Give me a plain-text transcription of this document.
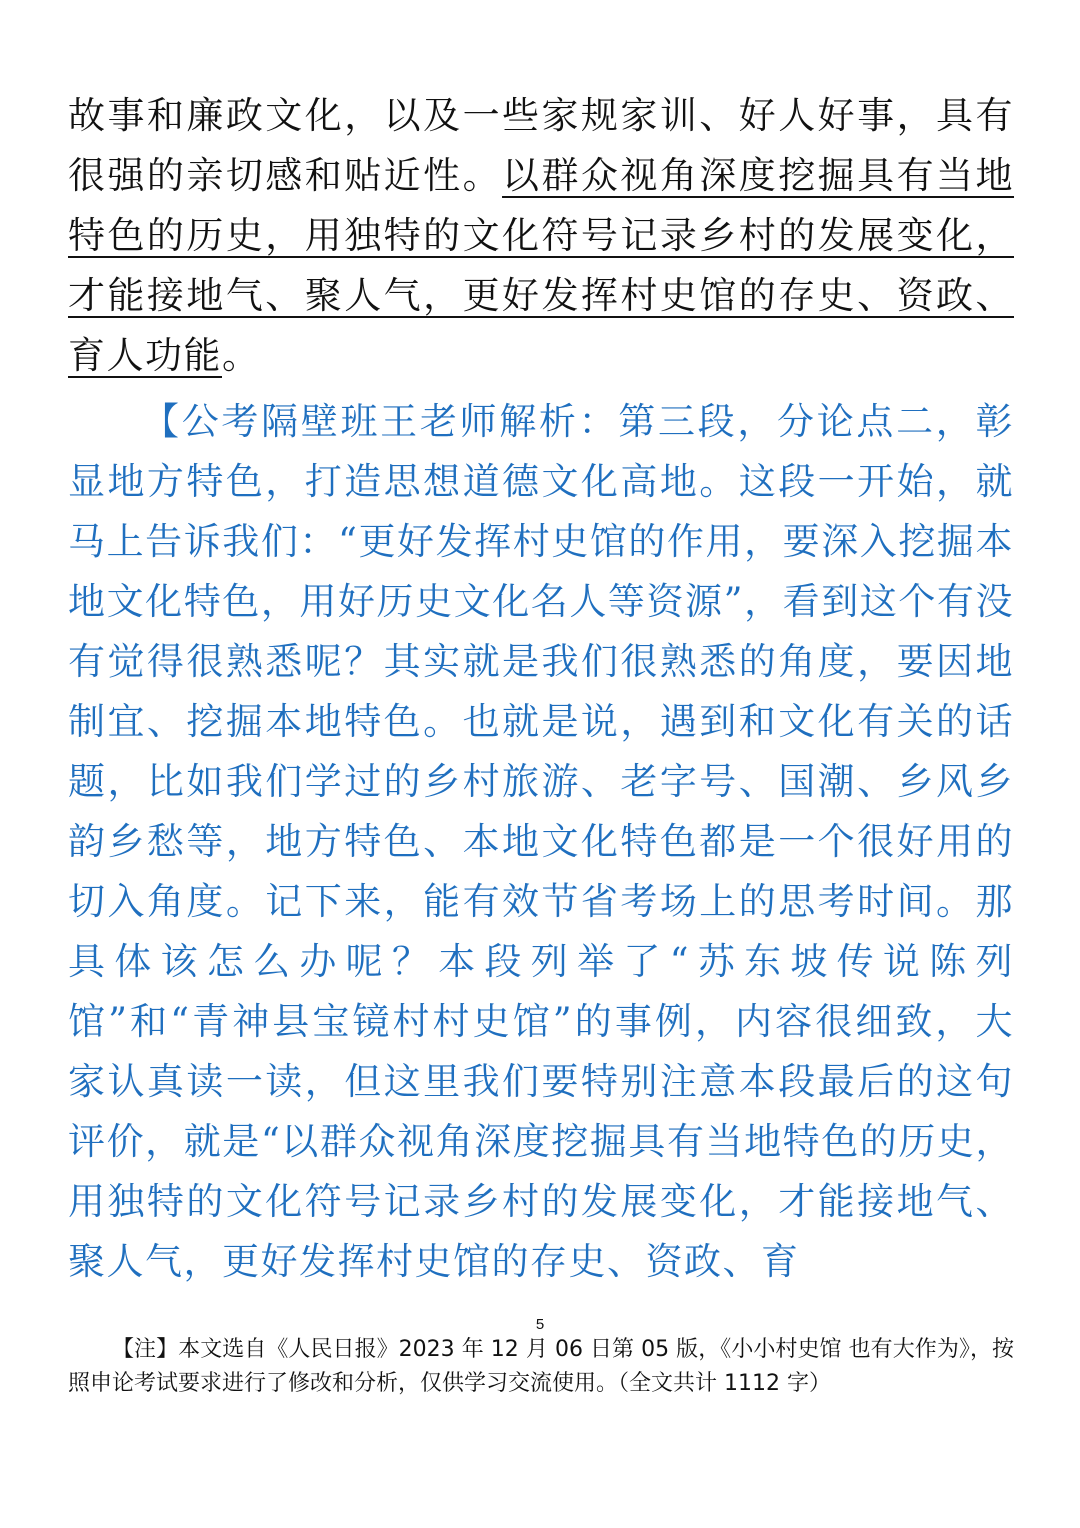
故事和廉政文化，以及一些家规家训、好人好事，具有很强的亲切感和贴近性。以群众视角深度挖掘具有当地特色的历史，用独特的文化符号记录乡村的发展变化，才能接地气、聚人气，更好发挥村史馆的存史、资政、育人功能。

【公考隔壁班王老师解析：第三段，分论点二，彰显地方特色，打造思想道德文化高地。这段一开始，就马上告诉我们：“更好发挥村史馆的作用，要深入挖掘本地文化特色，用好历史文化名人等资源”，看到这个有没有觉得很熟悉呢？其实就是我们很熟悉的角度，要因地制宜、挖掘本地特色。也就是说，遇到和文化有关的话题，比如我们学过的乡村旅游、老字号、国潮、乡风乡韵乡愁等，地方特色、本地文化特色都是一个很好用的切入角度。记下来，能有效节省考场上的思考时间。那具体该怎么办呢？本段列举了“苏东坡传说陈列馆”和“青神县宝镜村村史馆”的事例，内容很细致，大家认真读一读，但这里我们要特别注意本段最后的这句评价，就是“以群众视角深度挖掘具有当地特色的历史，用独特的文化符号记录乡村的发展变化，才能接地气、聚人气，更好发挥村史馆的存史、资政、育

5
【注】本文选自《人民日报》2023 年 12 月 06 日第 05 版，《小小村史馆 也有大作为》，按照申论考试要求进行了修改和分析，仅供学习交流使用。（全文共计 1112 字）
